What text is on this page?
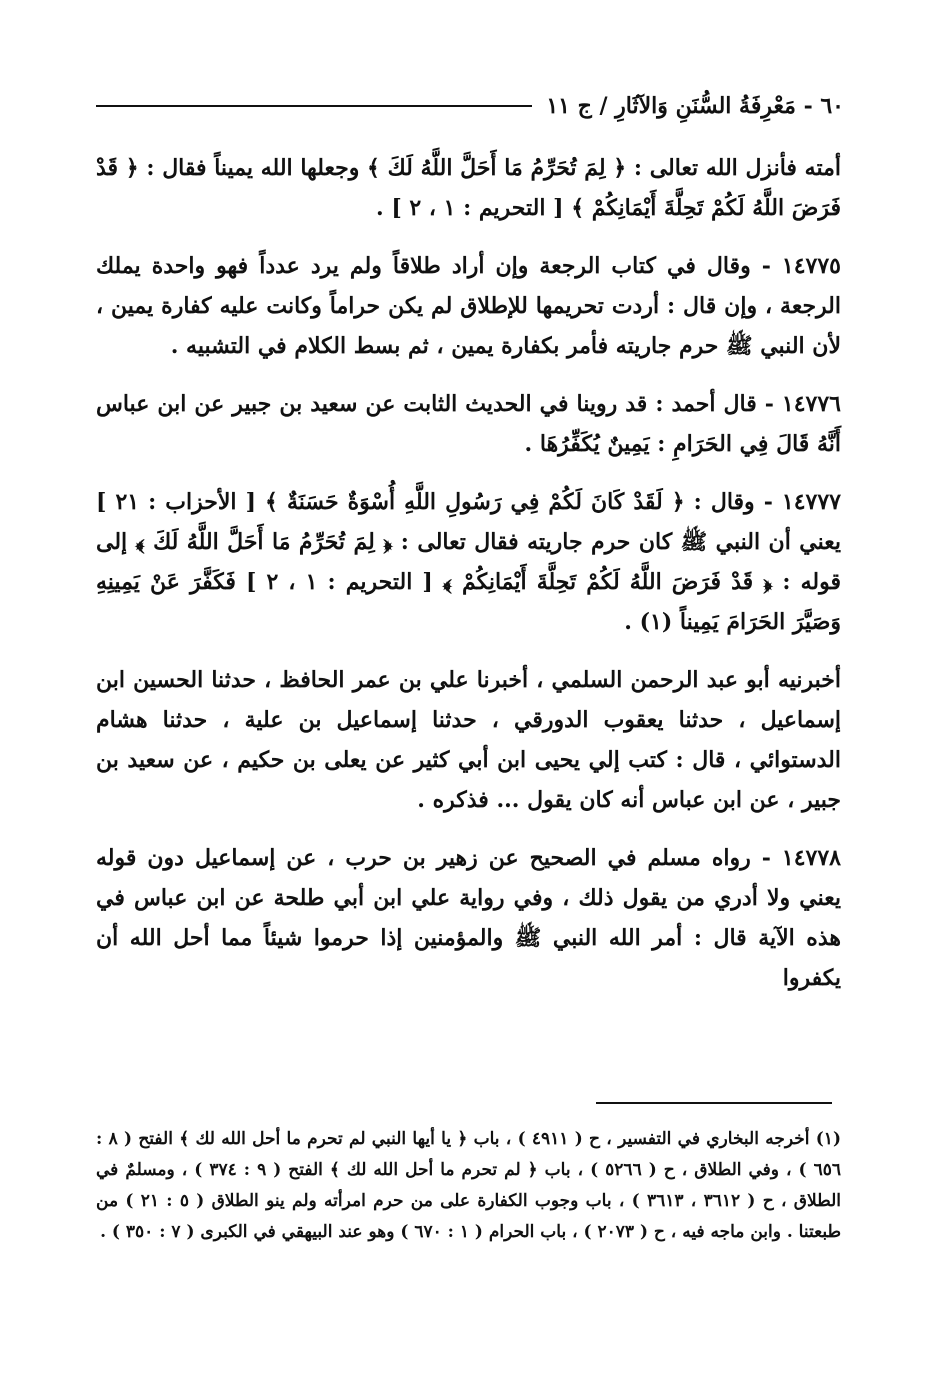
٦٠ - مَعْرِفَةُ السُّنَنِ وَالآثَارِ / ج ١١

أمته فأنزل الله تعالى : ﴿ لِمَ تُحَرِّمُ مَا أَحَلَّ اللَّهُ لَكَ ﴾ وجعلها الله يميناً فقال : ﴿ قَدْ فَرَضَ اللَّهُ لَكُمْ تَحِلَّةَ أَيْمَانِكُمْ ﴾ [ التحريم : ١ ، ٢ ] .

١٤٧٧٥ - وقال في كتاب الرجعة وإن أراد طلاقاً ولم يرد عدداً فهو واحدة يملك الرجعة ، وإن قال : أردت تحريمها للإطلاق لم يكن حراماً وكانت عليه كفارة يمين ، لأن النبي ﷺ حرم جاريته فأمر بكفارة يمين ، ثم بسط الكلام في التشبيه .

١٤٧٧٦ - قال أحمد : قد روينا في الحديث الثابت عن سعيد بن جبير عن ابن عباس أَنَّهُ قَالَ فِي الحَرَامِ : يَمِينٌ يُكَفِّرُهَا .

١٤٧٧٧ - وقال : ﴿ لَقَدْ كَانَ لَكُمْ فِي رَسُولِ اللَّهِ أُسْوَةٌ حَسَنَةٌ ﴾ [ الأحزاب : ٢١ ] يعني أن النبي ﷺ كان حرم جاريته فقال تعالى : ﴿ لِمَ تُحَرِّمُ مَا أَحَلَّ اللَّهُ لَكَ ﴾ إلى قوله : ﴿ قَدْ فَرَضَ اللَّهُ لَكُمْ تَحِلَّةَ أَيْمَانِكُمْ ﴾ [ التحريم : ١ ، ٢ ] فَكَفَّرَ عَنْ يَمِينِهِ وَصَيَّرَ الحَرَامَ يَمِيناً (١) .

أخبرنيه أبو عبد الرحمن السلمي ، أخبرنا علي بن عمر الحافظ ، حدثنا الحسين ابن إسماعيل ، حدثنا يعقوب الدورقي ، حدثنا إسماعيل بن علية ، حدثنا هشام الدستوائي ، قال : كتب إلي يحيى ابن أبي كثير عن يعلى بن حكيم ، عن سعيد بن جبير ، عن ابن عباس أنه كان يقول ... فذكره .

١٤٧٧٨ - رواه مسلم في الصحيح عن زهير بن حرب ، عن إسماعيل دون قوله يعني ولا أدري من يقول ذلك ، وفي رواية علي ابن أبي طلحة عن ابن عباس في هذه الآية قال : أمر الله النبي ﷺ والمؤمنين إذا حرموا شيئاً مما أحل الله أن يكفروا

(١) أخرجه البخاري في التفسير ، ح ( ٤٩١١ ) ، باب ﴿ يا أيها النبي لم تحرم ما أحل الله لك ﴾ الفتح ( ٨ : ٦٥٦ ) ، وفي الطلاق ، ح ( ٥٢٦٦ ) ، باب ﴿ لم تحرم ما أحل الله لك ﴾ الفتح ( ٩ : ٣٧٤ ) ، ومسلمٌ في الطلاق ، ح ( ٣٦١٢ ، ٣٦١٣ ) ، باب وجوب الكفارة على من حرم امرأته ولم ينو الطلاق ( ٥ : ٢١ ) من طبعتنا . وابن ماجه فيه ، ح ( ٢٠٧٣ ) ، باب الحرام ( ١ : ٦٧٠ ) وهو عند البيهقي في الكبرى ( ٧ : ٣٥٠ ) .
